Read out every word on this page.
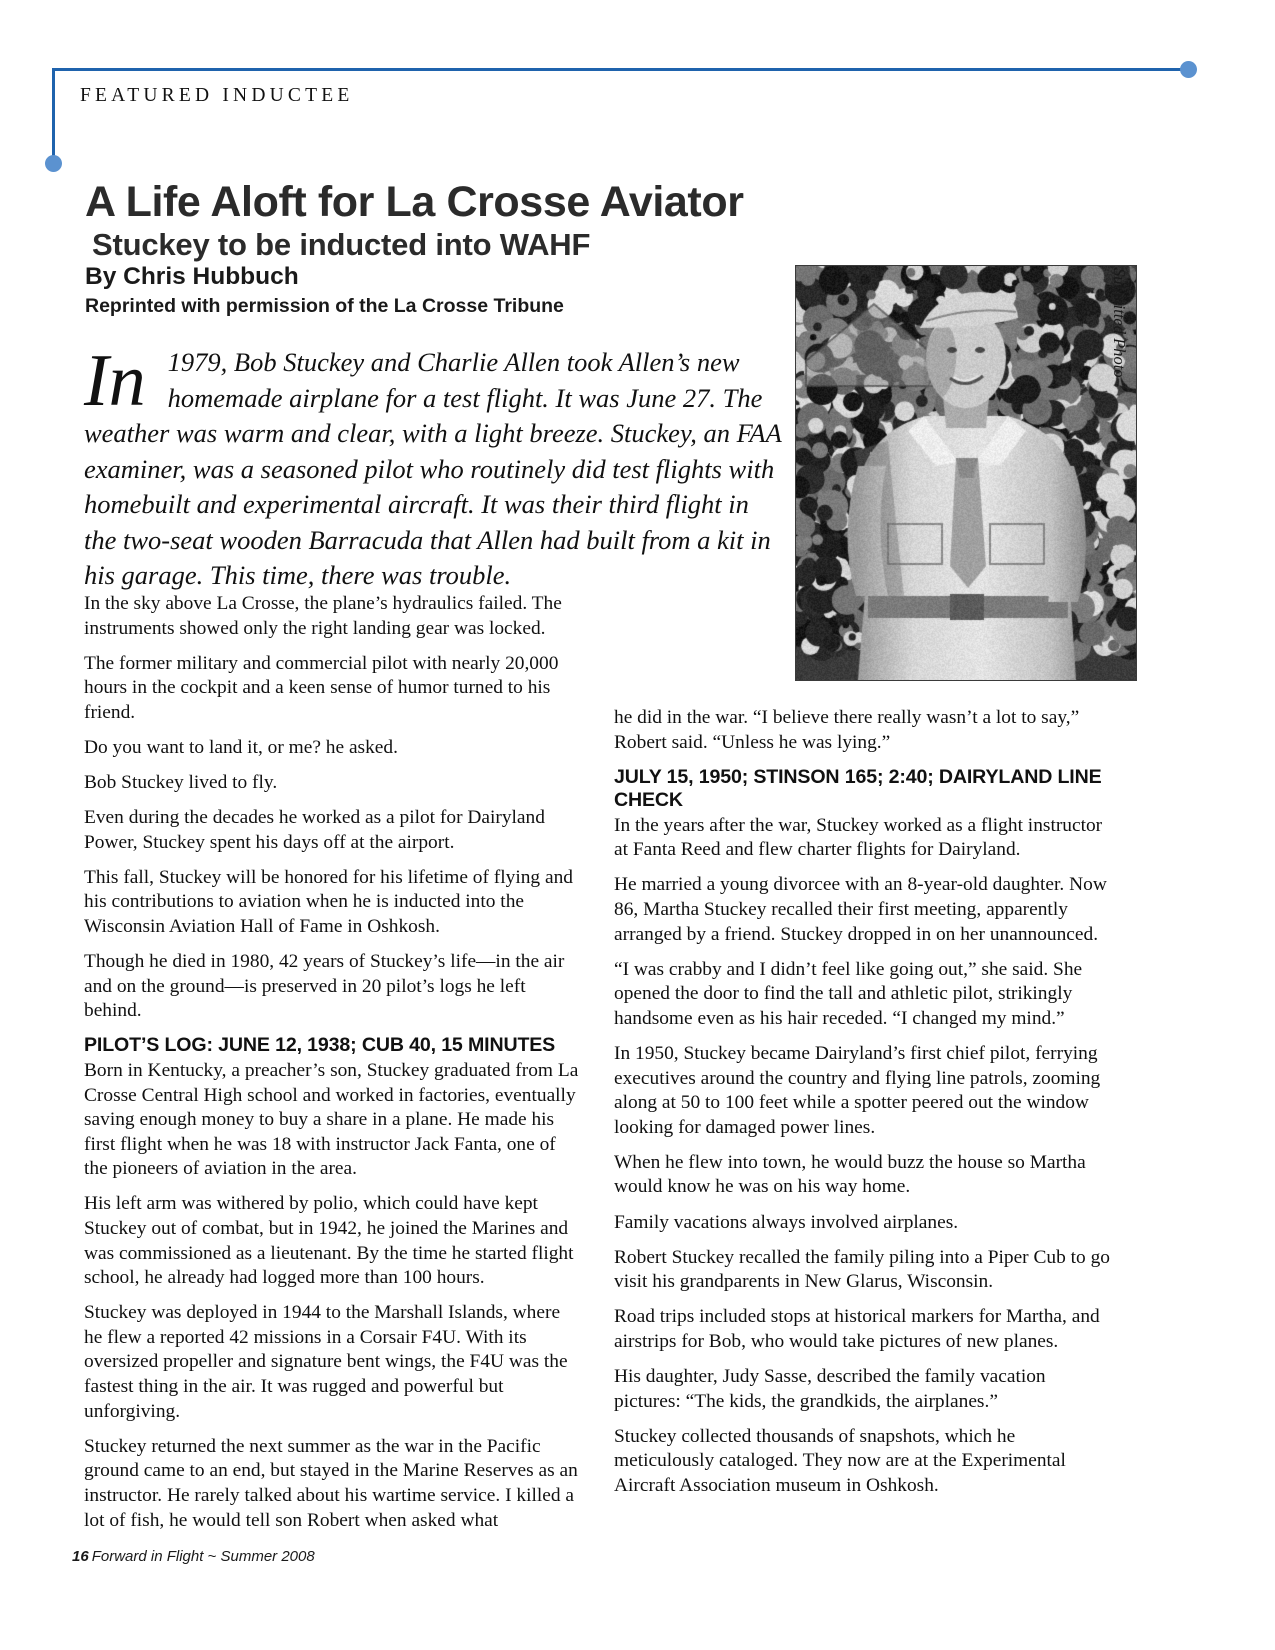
FEATURED INDUCTEE
A Life Aloft for La Crosse Aviator
Stuckey to be inducted into WAHF
By Chris Hubbuch
Reprinted with permission of the La Crosse Tribune
In 1979, Bob Stuckey and Charlie Allen took Allen’s new homemade airplane for a test flight. It was June 27. The weather was warm and clear, with a light breeze. Stuckey, an FAA examiner, was a seasoned pilot who routinely did test flights with homebuilt and experimental aircraft. It was their third flight in the two-seat wooden Barracuda that Allen had built from a kit in his garage. This time, there was trouble.
Submitted Photo

In the sky above La Crosse, the plane’s hydraulics failed. The instruments showed only the right landing gear was locked.

The former military and commercial pilot with nearly 20,000 hours in the cockpit and a keen sense of humor turned to his friend.

Do you want to land it, or me? he asked.

Bob Stuckey lived to fly.

Even during the decades he worked as a pilot for Dairyland Power, Stuckey spent his days off at the airport.

This fall, Stuckey will be honored for his lifetime of flying and his contributions to aviation when he is inducted into the Wisconsin Aviation Hall of Fame in Oshkosh.

Though he died in 1980, 42 years of Stuckey’s life—in the air and on the ground—is preserved in 20 pilot’s logs he left behind.

PILOT’S LOG: JUNE 12, 1938; CUB 40, 15 MINUTES

Born in Kentucky, a preacher’s son, Stuckey graduated from La Crosse Central High school and worked in factories, eventually saving enough money to buy a share in a plane. He made his first flight when he was 18 with instructor Jack Fanta, one of the pioneers of aviation in the area.

His left arm was withered by polio, which could have kept Stuckey out of combat, but in 1942, he joined the Marines and was commissioned as a lieutenant. By the time he started flight school, he already had logged more than 100 hours.

Stuckey was deployed in 1944 to the Marshall Islands, where he flew a reported 42 missions in a Corsair F4U. With its oversized propeller and signature bent wings, the F4U was the fastest thing in the air. It was rugged and powerful but unforgiving.

Stuckey returned the next summer as the war in the Pacific ground came to an end, but stayed in the Marine Reserves as an instructor. He rarely talked about his wartime service. I killed a lot of fish, he would tell son Robert when asked what

he did in the war. “I believe there really wasn’t a lot to say,” Robert said. “Unless he was lying.”

JULY 15, 1950; STINSON 165; 2:40; DAIRYLAND LINE CHECK

In the years after the war, Stuckey worked as a flight instructor at Fanta Reed and flew charter flights for Dairyland.

He married a young divorcee with an 8-year-old daughter. Now 86, Martha Stuckey recalled their first meeting, apparently arranged by a friend. Stuckey dropped in on her unannounced.

“I was crabby and I didn’t feel like going out,” she said. She opened the door to find the tall and athletic pilot, strikingly handsome even as his hair receded. “I changed my mind.”

In 1950, Stuckey became Dairyland’s first chief pilot, ferrying executives around the country and flying line patrols, zooming along at 50 to 100 feet while a spotter peered out the window looking for damaged power lines.

When he flew into town, he would buzz the house so Martha would know he was on his way home.

Family vacations always involved airplanes.

Robert Stuckey recalled the family piling into a Piper Cub to go visit his grandparents in New Glarus, Wisconsin.

Road trips included stops at historical markers for Martha, and airstrips for Bob, who would take pictures of new planes.

His daughter, Judy Sasse, described the family vacation pictures: “The kids, the grandkids, the airplanes.”

Stuckey collected thousands of snapshots, which he meticulously cataloged. They now are at the Experimental Aircraft Association museum in Oshkosh.

16 Forward in Flight ~ Summer 2008
